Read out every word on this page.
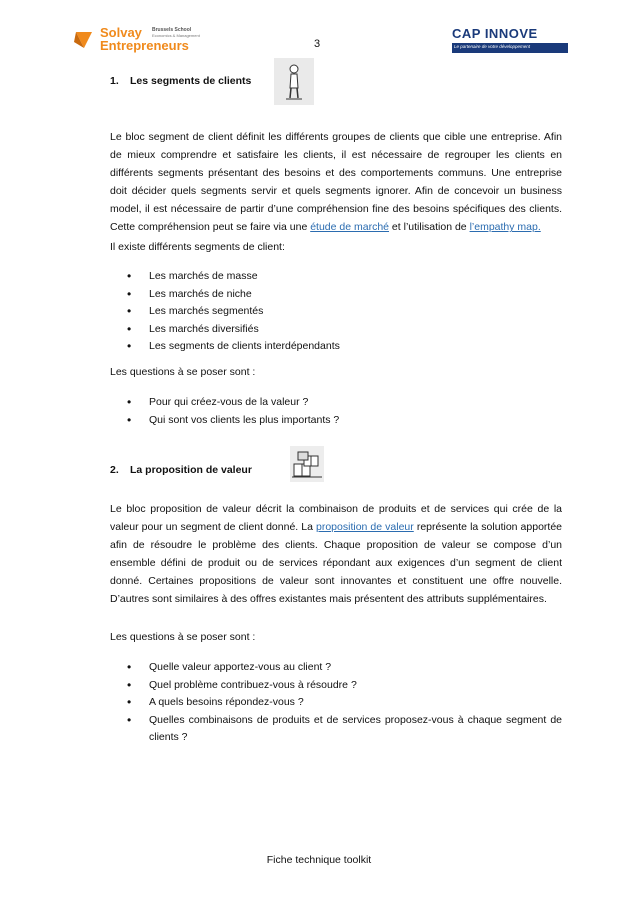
Solvay
Entrepreneurs
Brussels School
Economics & Management
3
CAP INNOVE
Le partenaire de votre développement
1. Les segments de clients

Le bloc segment de client définit les différents groupes de clients que cible une entreprise. Afin de mieux comprendre et satisfaire les clients, il est nécessaire de regrouper les clients en différents segments présentant des besoins et des comportements communs. Une entreprise doit décider quels segments servir et quels segments ignorer. Afin de concevoir un business model, il est nécessaire de partir d’une compréhension fine des besoins spécifiques des clients. Cette compréhension peut se faire via une étude de marché et l’utilisation de l’empathy map.

Il existe différents segments de client:

• Les marchés de masse
• Les marchés de niche
• Les marchés segmentés
• Les marchés diversifiés
• Les segments de clients interdépendants

Les questions à se poser sont :

• Pour qui créez-vous de la valeur ?
• Qui sont vos clients les plus importants ?
2. La proposition de valeur

Le bloc proposition de valeur décrit la combinaison de produits et de services qui crée de la valeur pour un segment de client donné. La proposition de valeur représente la solution apportée afin de résoudre le problème des clients. Chaque proposition de valeur se compose d’un ensemble défini de produit ou de services répondant aux exigences d’un segment de client donné. Certaines propositions de valeur sont innovantes et constituent une offre nouvelle. D’autres sont similaires à des offres existantes mais présentent des attributs supplémentaires.

Les questions à se poser sont :

• Quelle valeur apportez-vous au client ?
• Quel problème contribuez-vous à résoudre ?
• A quels besoins répondez-vous ?
• Quelles combinaisons de produits et de services proposez-vous à chaque segment de clients ?
Fiche technique toolkit
